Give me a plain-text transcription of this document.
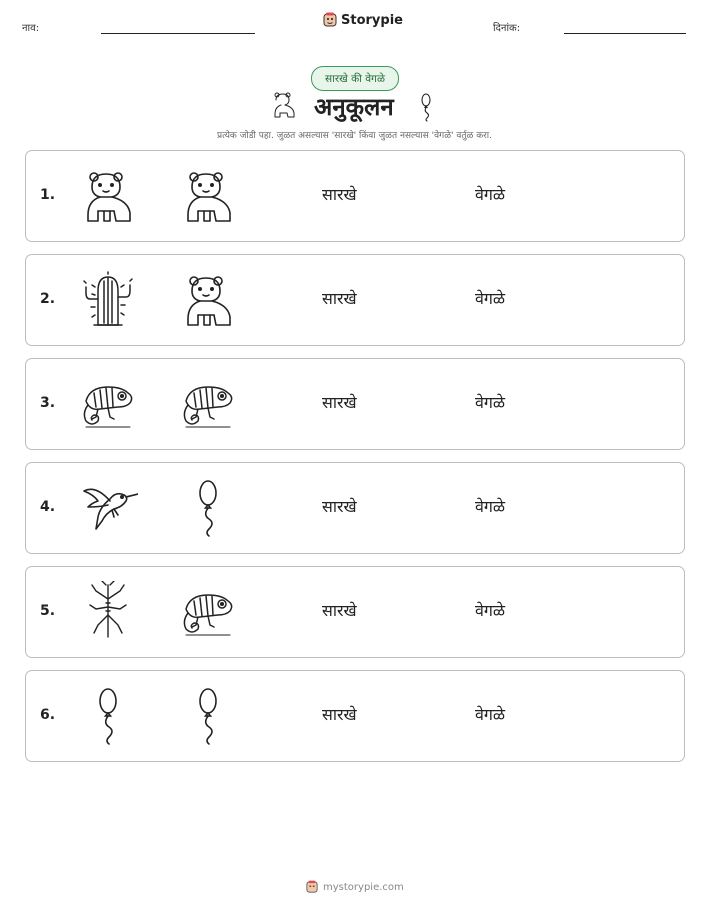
नाव:
Storypie
दिनांक:
सारखे की वेगळे
अनुकूलन
प्रत्येक जोडी पहा. जुळत असल्यास 'सारखे' किंवा जुळत नसल्यास 'वेगळे' वर्तुळ करा.
1.	सारखे	वेगळे
2.	सारखे	वेगळे
3.	सारखे	वेगळे
4.	सारखे	वेगळे
5.	सारखे	वेगळे
6.	सारखे	वेगळे
mystorypie.com
